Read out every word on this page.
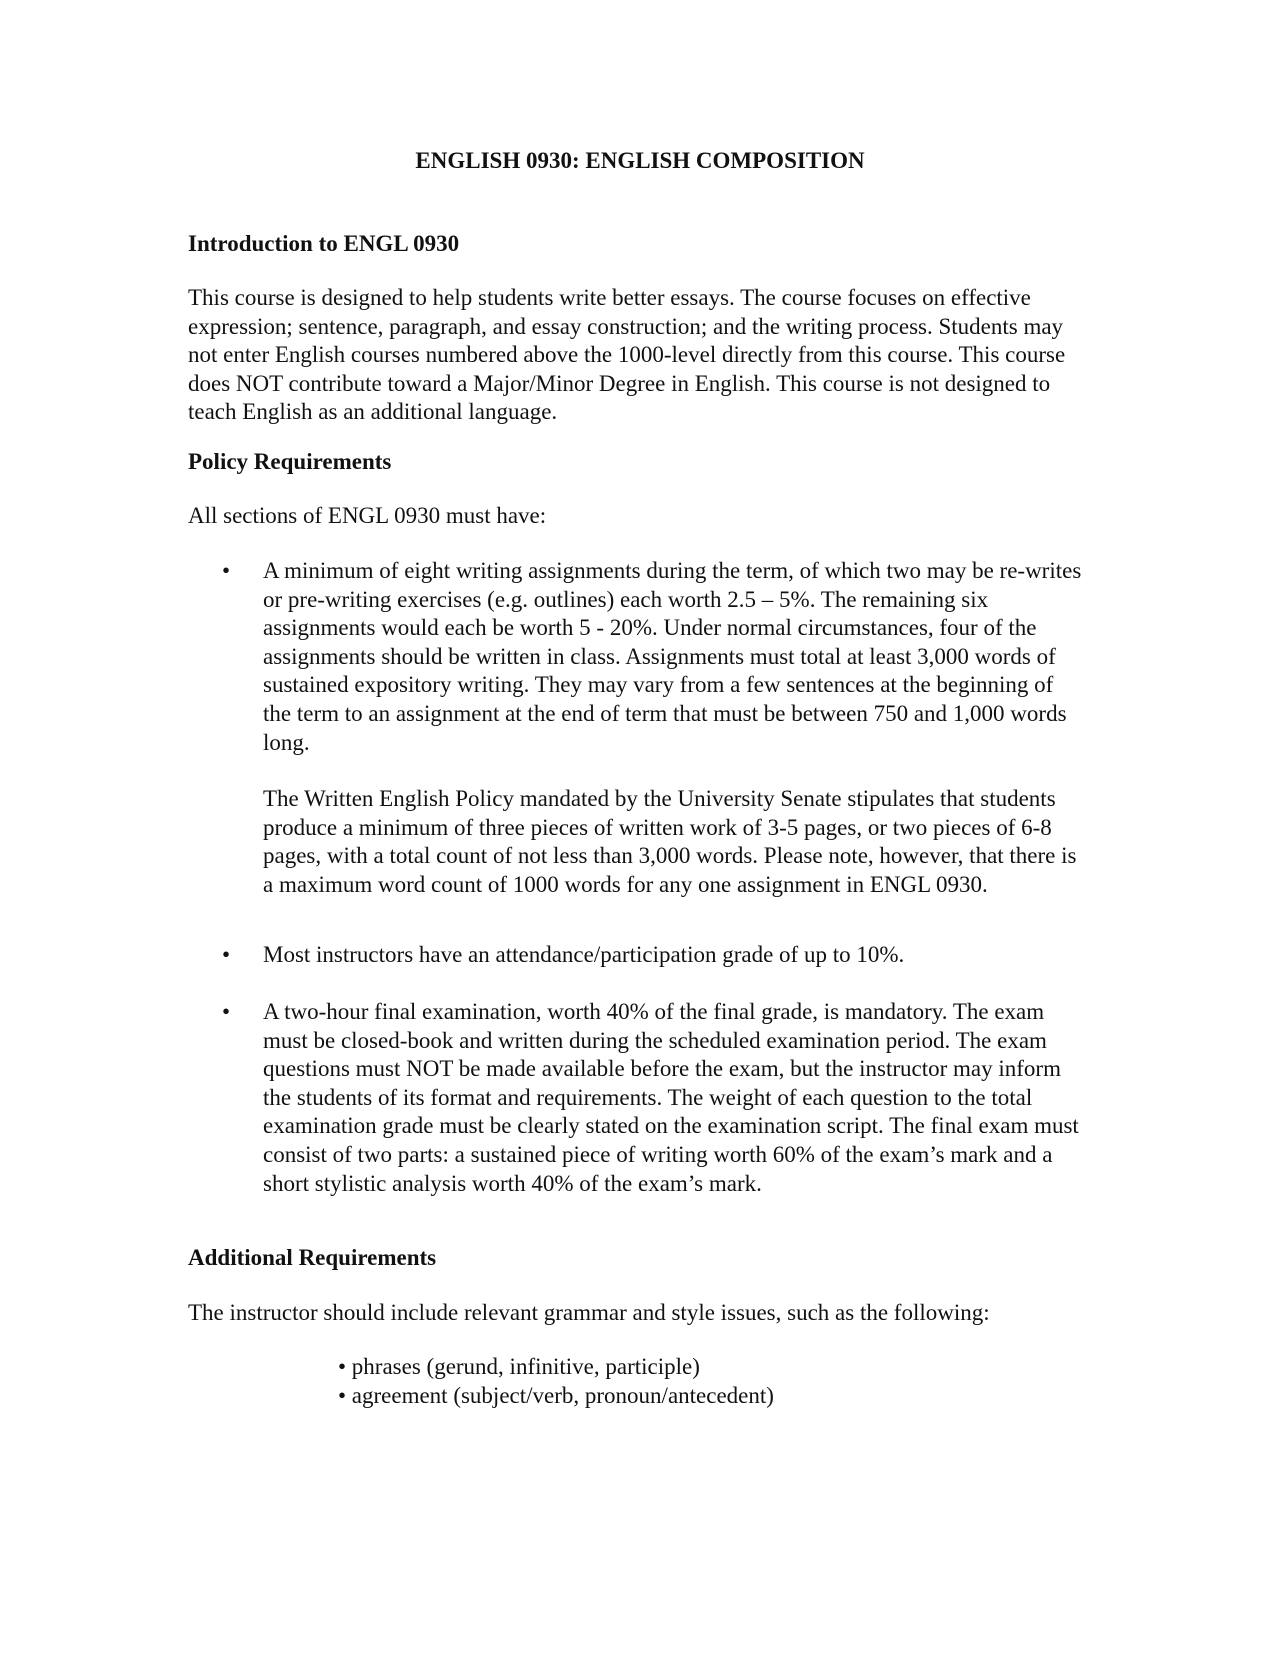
ENGLISH 0930: ENGLISH COMPOSITION
Introduction to ENGL 0930
This course is designed to help students write better essays. The course focuses on effective expression; sentence, paragraph, and essay construction; and the writing process. Students may not enter English courses numbered above the 1000-level directly from this course. This course does NOT contribute toward a Major/Minor Degree in English. This course is not designed to teach English as an additional language.
Policy Requirements
All sections of ENGL 0930 must have:
• A minimum of eight writing assignments during the term, of which two may be re-writes or pre-writing exercises (e.g. outlines) each worth 2.5 – 5%. The remaining six assignments would each be worth 5 - 20%. Under normal circumstances, four of the assignments should be written in class. Assignments must total at least 3,000 words of sustained expository writing. They may vary from a few sentences at the beginning of the term to an assignment at the end of term that must be between 750 and 1,000 words long.
The Written English Policy mandated by the University Senate stipulates that students produce a minimum of three pieces of written work of 3-5 pages, or two pieces of 6-8 pages, with a total count of not less than 3,000 words. Please note, however, that there is a maximum word count of 1000 words for any one assignment in ENGL 0930.
• Most instructors have an attendance/participation grade of up to 10%.
• A two-hour final examination, worth 40% of the final grade, is mandatory. The exam must be closed-book and written during the scheduled examination period. The exam questions must NOT be made available before the exam, but the instructor may inform the students of its format and requirements. The weight of each question to the total examination grade must be clearly stated on the examination script. The final exam must consist of two parts: a sustained piece of writing worth 60% of the exam’s mark and a short stylistic analysis worth 40% of the exam’s mark.
Additional Requirements
The instructor should include relevant grammar and style issues, such as the following:
• phrases (gerund, infinitive, participle)
• agreement (subject/verb, pronoun/antecedent)
